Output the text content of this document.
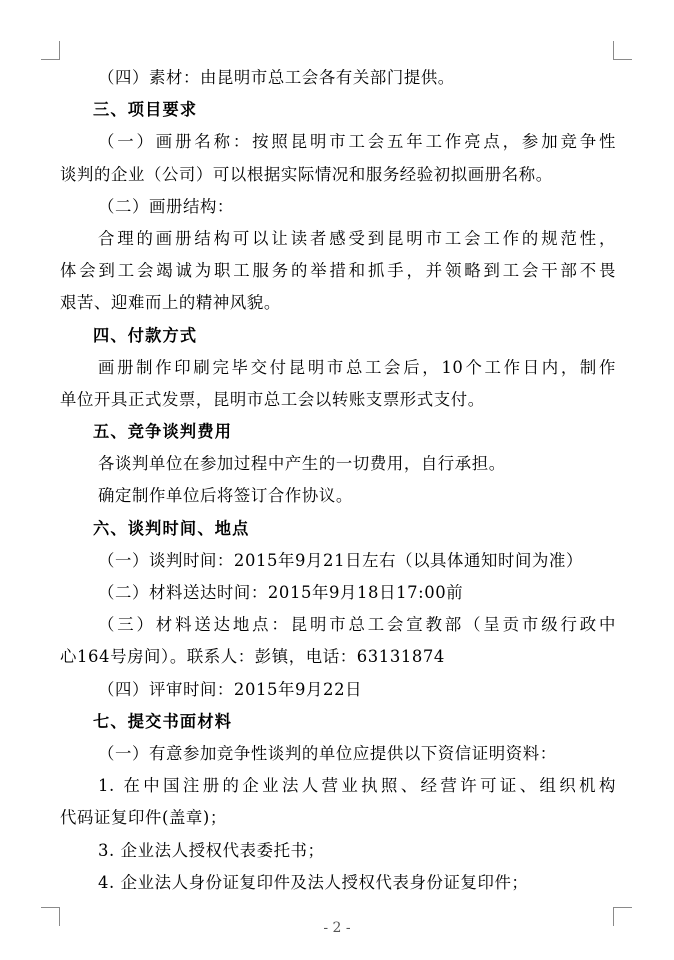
（四）素材：由昆明市总工会各有关部门提供。
三、项目要求
（一）画册名称：按照昆明市工会五年工作亮点，参加竞争性
谈判的企业（公司）可以根据实际情况和服务经验初拟画册名称。
（二）画册结构：
合理的画册结构可以让读者感受到昆明市工会工作的规范性，
体会到工会竭诚为职工服务的举措和抓手，并领略到工会干部不畏
艰苦、迎难而上的精神风貌。
四、付款方式
画册制作印刷完毕交付昆明市总工会后，10个工作日内，制作
单位开具正式发票，昆明市总工会以转账支票形式支付。
五、竞争谈判费用
各谈判单位在参加过程中产生的一切费用，自行承担。
确定制作单位后将签订合作协议。
六、谈判时间、地点
（一）谈判时间：2015年9月21日左右（以具体通知时间为准）
（二）材料送达时间：2015年9月18日17:00前
（三）材料送达地点：昆明市总工会宣教部（呈贡市级行政中
心164号房间）。联系人：彭镇，电话：63131874
（四）评审时间：2015年9月22日
七、提交书面材料
（一）有意参加竞争性谈判的单位应提供以下资信证明资料：
1. 在中国注册的企业法人营业执照、经营许可证、组织机构
代码证复印件(盖章)；
3. 企业法人授权代表委托书；
4. 企业法人身份证复印件及法人授权代表身份证复印件；
- 2 -
